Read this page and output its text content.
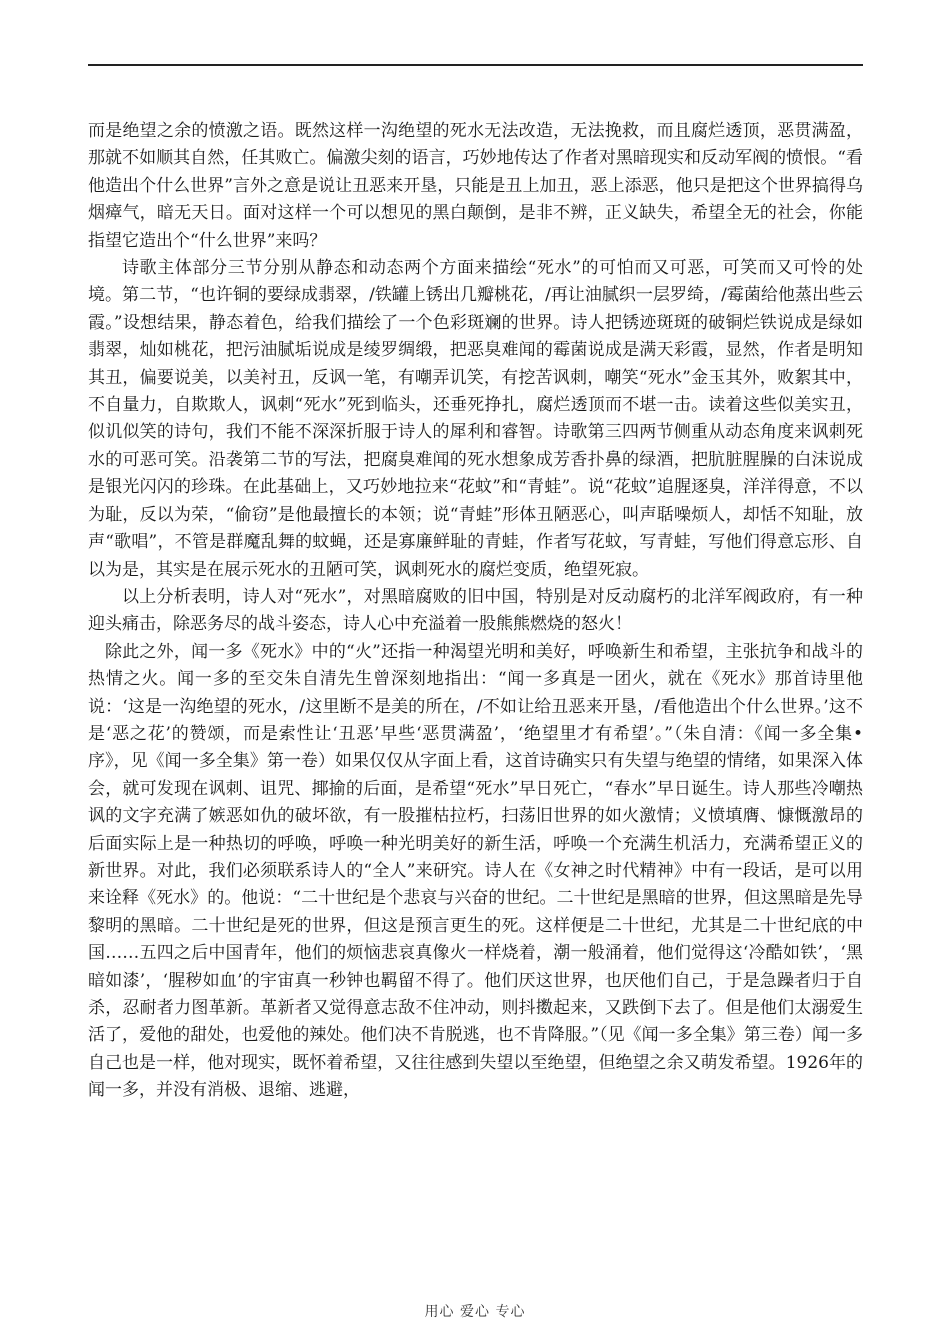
而是绝望之余的愤激之语。既然这样一沟绝望的死水无法改造，无法挽救，而且腐烂透顶，恶贯满盈，那就不如顺其自然，任其败亡。偏激尖刻的语言，巧妙地传达了作者对黑暗现实和反动军阀的愤恨。“看他造出个什么世界”言外之意是说让丑恶来开垦，只能是丑上加丑，恶上添恶，他只是把这个世界搞得乌烟瘴气，暗无天日。面对这样一个可以想见的黑白颠倒，是非不辨，正义缺失，希望全无的社会，你能指望它造出个“什么世界”来吗？

诗歌主体部分三节分别从静态和动态两个方面来描绘“死水”的可怕而又可恶，可笑而又可怜的处境。第二节，“也许铜的要绿成翡翠，/铁罐上锈出几瓣桃花，/再让油腻织一层罗绮，/霉菌给他蒸出些云霞。”设想结果，静态着色，给我们描绘了一个色彩斑斓的世界。诗人把锈迹斑斑的破铜烂铁说成是绿如翡翠，灿如桃花，把污油腻垢说成是绫罗绸缎，把恶臭难闻的霉菌说成是满天彩霞，显然，作者是明知其丑，偏要说美，以美衬丑，反讽一笔，有嘲弄讥笑，有挖苦讽刺，嘲笑“死水”金玉其外，败絮其中，不自量力，自欺欺人，讽刺“死水”死到临头，还垂死挣扎，腐烂透顶而不堪一击。读着这些似美实丑，似讥似笑的诗句，我们不能不深深折服于诗人的犀利和睿智。诗歌第三四两节侧重从动态角度来讽刺死水的可恶可笑。沿袭第二节的写法，把腐臭难闻的死水想象成芳香扑鼻的绿酒，把肮脏腥臊的白沫说成是银光闪闪的珍珠。在此基础上，又巧妙地拉来“花蚊”和“青蛙”。说“花蚊”追腥逐臭，洋洋得意，不以为耻，反以为荣，“偷窃”是他最擅长的本领；说“青蛙”形体丑陋恶心，叫声聒噪烦人，却恬不知耻，放声“歌唱”，不管是群魔乱舞的蚊蝇，还是寡廉鲜耻的青蛙，作者写花蚊，写青蛙，写他们得意忘形、自以为是，其实是在展示死水的丑陋可笑，讽刺死水的腐烂变质，绝望死寂。

以上分析表明，诗人对“死水”，对黑暗腐败的旧中国，特别是对反动腐朽的北洋军阀政府，有一种迎头痛击，除恶务尽的战斗姿态，诗人心中充溢着一股熊熊燃烧的怒火！

除此之外，闻一多《死水》中的“火”还指一种渴望光明和美好，呼唤新生和希望，主张抗争和战斗的热情之火。闻一多的至交朱自清先生曾深刻地指出：“闻一多真是一团火，就在《死水》那首诗里他说：‘这是一沟绝望的死水，/这里断不是美的所在，/不如让给丑恶来开垦，/看他造出个什么世界。’这不是‘恶之花’的赞颂，而是索性让‘丑恶’早些‘恶贯满盈’，‘绝望里才有希望’。”（朱自清：《闻一多全集•序》，见《闻一多全集》第一卷）如果仅仅从字面上看，这首诗确实只有失望与绝望的情绪，如果深入体会，就可发现在讽刺、诅咒、揶揄的后面，是希望“死水”早日死亡，“春水”早日诞生。诗人那些冷嘲热讽的文字充满了嫉恶如仇的破坏欲，有一股摧枯拉朽，扫荡旧世界的如火激情；义愤填膺、慷慨激昂的后面实际上是一种热切的呼唤，呼唤一种光明美好的新生活，呼唤一个充满生机活力，充满希望正义的新世界。对此，我们必须联系诗人的“全人”来研究。诗人在《女神之时代精神》中有一段话，是可以用来诠释《死水》的。他说：“二十世纪是个悲哀与兴奋的世纪。二十世纪是黑暗的世界，但这黑暗是先导黎明的黑暗。二十世纪是死的世界，但这是预言更生的死。这样便是二十世纪，尤其是二十世纪底的中国……五四之后中国青年，他们的烦恼悲哀真像火一样烧着，潮一般涌着，他们觉得这‘冷酷如铁’，‘黑暗如漆’，‘腥秽如血’的宇宙真一秒钟也羁留不得了。他们厌这世界，也厌他们自己，于是急躁者归于自杀，忍耐者力图革新。革新者又觉得意志敌不住冲动，则抖擞起来，又跌倒下去了。但是他们太溺爱生活了，爱他的甜处，也爱他的辣处。他们决不肯脱逃，也不肯降服。”（见《闻一多全集》第三卷）闻一多自己也是一样，他对现实，既怀着希望，又往往感到失望以至绝望，但绝望之余又萌发希望。1926年的闻一多，并没有消极、退缩、逃避，

用心 爱心 专心
